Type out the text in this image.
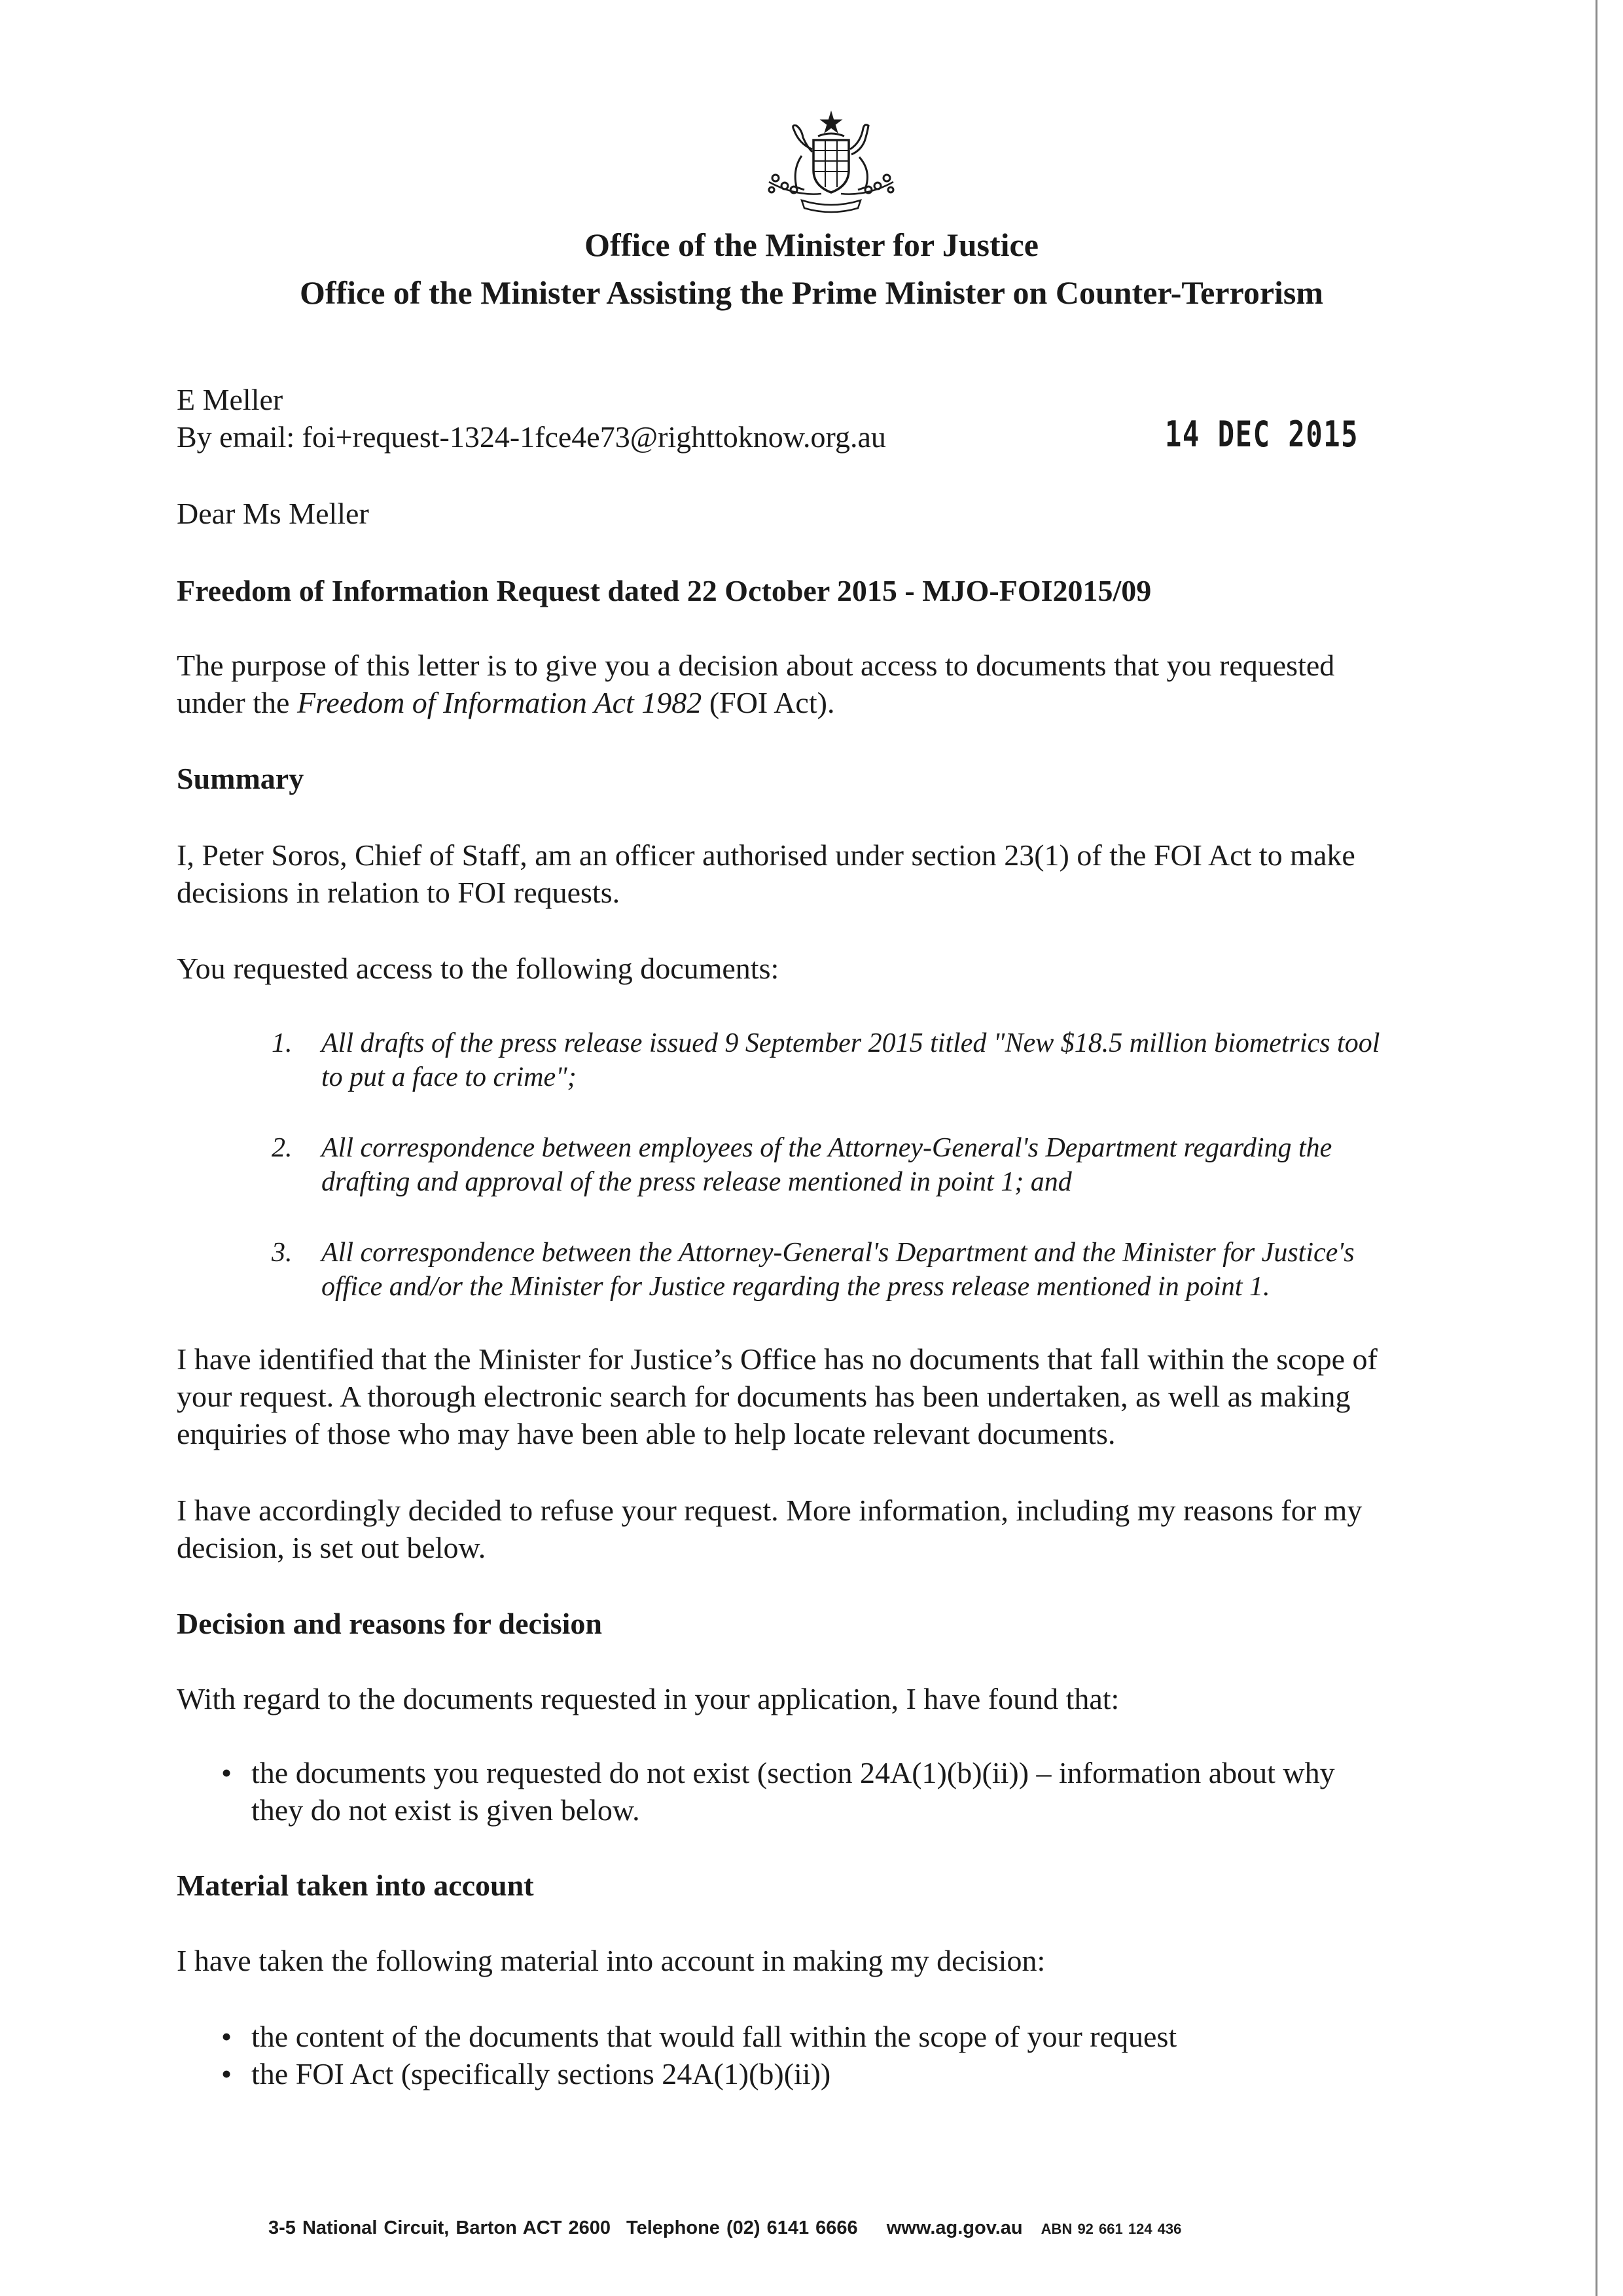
Office of the Minister for Justice
Office of the Minister Assisting the Prime Minister on Counter-Terrorism
E Meller
By email: foi+request-1324-1fce4e73@righttoknow.org.au	14 DEC 2015
Dear Ms Meller
Freedom of Information Request dated 22 October 2015 - MJO-FOI2015/09
The purpose of this letter is to give you a decision about access to documents that you requested
under the Freedom of Information Act 1982 (FOI Act).
Summary
I, Peter Soros, Chief of Staff, am an officer authorised under section 23(1) of the FOI Act to make
decisions in relation to FOI requests.
You requested access to the following documents:
1. All drafts of the press release issued 9 September 2015 titled "New $18.5 million biometrics tool
to put a face to crime";
2. All correspondence between employees of the Attorney-General's Department regarding the
drafting and approval of the press release mentioned in point 1; and
3. All correspondence between the Attorney-General's Department and the Minister for Justice's
office and/or the Minister for Justice regarding the press release mentioned in point 1.
I have identified that the Minister for Justice’s Office has no documents that fall within the scope of
your request. A thorough electronic search for documents has been undertaken, as well as making
enquiries of those who may have been able to help locate relevant documents.
I have accordingly decided to refuse your request. More information, including my reasons for my
decision, is set out below.
Decision and reasons for decision
With regard to the documents requested in your application, I have found that:
• the documents you requested do not exist (section 24A(1)(b)(ii)) – information about why
they do not exist is given below.
Material taken into account
I have taken the following material into account in making my decision:
• the content of the documents that would fall within the scope of your request
• the FOI Act (specifically sections 24A(1)(b)(ii))
3-5 National Circuit, Barton ACT 2600 Telephone (02) 6141 6666 www.ag.gov.au ABN 92 661 124 436
